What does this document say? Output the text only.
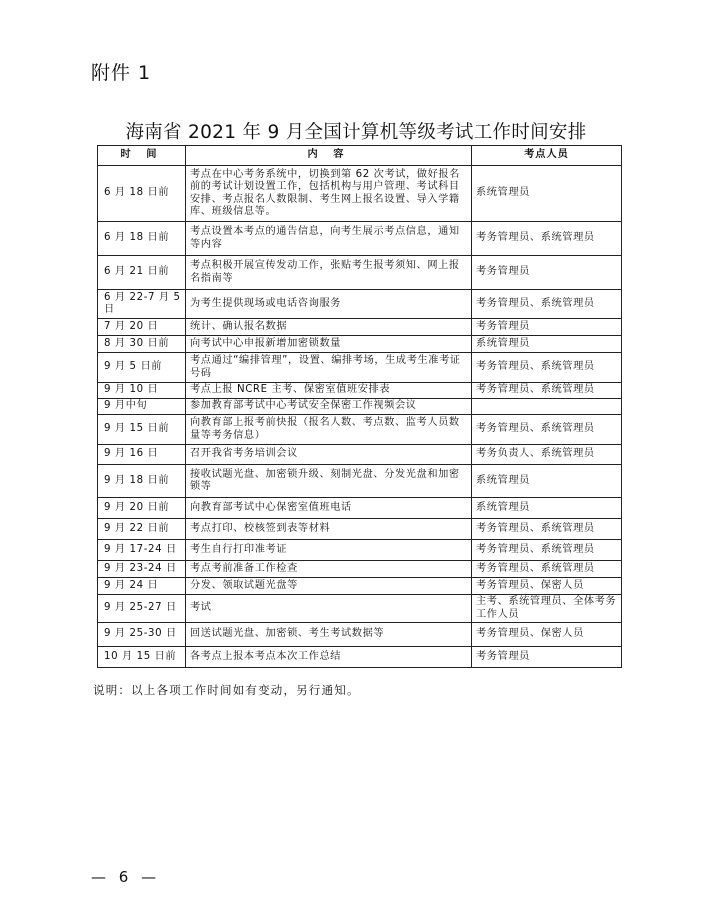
附件 1
海南省 2021 年 9 月全国计算机等级考试工作时间安排
时 间	内 容	考点人员
6 月 18 日前	考点在中心考务系统中，切换到第 62 次考试，做好报名前的考试计划设置工作，包括机构与用户管理、考试科目安排、考点报名人数限制、考生网上报名设置、导入学籍库、班级信息等。	系统管理员
6 月 18 日前	考点设置本考点的通告信息，向考生展示考点信息，通知等内容	考务管理员、系统管理员
6 月 21 日前	考点积极开展宣传发动工作，张贴考生报考须知、网上报名指南等	考务管理员
6 月 22-7 月 5 日	为考生提供现场或电话咨询服务	考务管理员、系统管理员
7 月 20 日	统计、确认报名数据	考务管理员
8 月 30 日前	向考试中心申报新增加密锁数量	系统管理员
9 月 5 日前	考点通过“编排管理”，设置、编排考场，生成考生准考证号码	考务管理员、系统管理员
9 月 10 日	考点上报 NCRE 主考、保密室值班安排表	考务管理员、系统管理员
9 月中旬	参加教育部考试中心考试安全保密工作视频会议	
9 月 15 日前	向教育部上报考前快报（报名人数、考点数、监考人员数量等考务信息）	考务管理员、系统管理员
9 月 16 日	召开我省考务培训会议	考务负责人、系统管理员
9 月 18 日前	接收试题光盘、加密锁升级、刻制光盘、分发光盘和加密锁等	系统管理员
9 月 20 日前	向教育部考试中心保密室值班电话	系统管理员
9 月 22 日前	考点打印、校核签到表等材料	考务管理员、系统管理员
9 月 17-24 日	考生自行打印准考证	考务管理员、系统管理员
9 月 23-24 日	考点考前准备工作检查	考务管理员、系统管理员
9 月 24 日	分发、领取试题光盘等	考务管理员、保密人员
9 月 25-27 日	考试	主考、系统管理员、全体考务工作人员
9 月 25-30 日	回送试题光盘、加密锁、考生考试数据等	考务管理员、保密人员
10 月 15 日前	各考点上报本考点本次工作总结	考务管理员
说明：以上各项工作时间如有变动，另行通知。
— 6 —
